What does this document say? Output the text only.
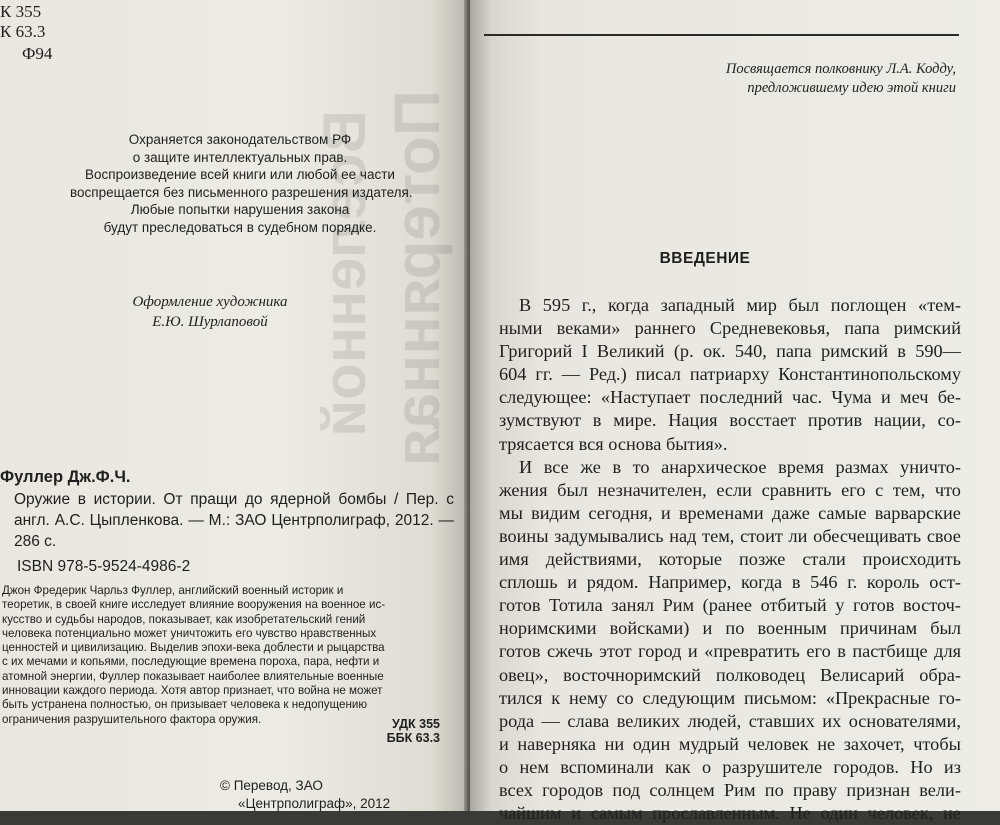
Потерянная
Вселенной
К 355
К 63.3
Ф94
Охраняется законодательством РФ
о защите интеллектуальных прав.
Воспроизведение всей книги или любой ее части
воспрещается без письменного разрешения издателя.
Любые попытки нарушения закона
будут преследоваться в судебном порядке.
Оформление художника
Е.Ю. Шурлаповой
Фуллер Дж.Ф.Ч.
Оружие в истории. От пращи до ядерной бомбы / Пер. с англ. А.С. Цыпленкова. — М.: ЗАО Центрполиграф, 2012. — 286 с.
ISBN 978-5-9524-4986-2
Джон Фредерик Чарльз Фуллер, английский военный историк и
теоретик, в своей книге исследует влияние вооружения на военное ис-
кусство и судьбы народов, показывает, как изобретательский гений
человека потенциально может уничтожить его чувство нравственных
ценностей и цивилизацию. Выделив эпохи-века доблести и рыцарства
с их мечами и копьями, последующие времена пороха, пара, нефти и
атомной энергии, Фуллер показывает наиболее влиятельные военные
инновации каждого периода. Хотя автор признает, что война не может
быть устранена полностью, он призывает человека к недопущению
ограничения разрушительного фактора оружия.	УДК 355
ББК 63.3
© Перевод, ЗАО
«Центрполиграф», 2012
Посвящается полковнику Л.А. Кодду,
предложившему идею этой книги
ВВЕДЕНИЕ
В 595 г., когда западный мир был поглощен «тем-
ными веками» раннего Средневековья, папа римский
Григорий I Великий (р. ок. 540, папа римский в 590—
604 гг. — Ред.) писал патриарху Константинопольскому
следующее: «Наступает последний час. Чума и меч бе-
зумствуют в мире. Нация восстает против нации, со-
трясается вся основа бытия».
И все же в то анархическое время размах уничто-
жения был незначителен, если сравнить его с тем, что
мы видим сегодня, и временами даже самые варварские
воины задумывались над тем, стоит ли обесчещивать свое
имя действиями, которые позже стали происходить
сплошь и рядом. Например, когда в 546 г. король ост-
готов Тотила занял Рим (ранее отбитый у готов восточ-
норимскими войсками) и по военным причинам был
готов сжечь этот город и «превратить его в пастбище для
овец», восточноримский полководец Велисарий обра-
тился к нему со следующим письмом: «Прекрасные го-
рода — слава великих людей, ставших их основателями,
и наверняка ни один мудрый человек не захочет, чтобы
о нем вспоминали как о разрушителе городов. Но из
всех городов под солнцем Рим по праву признан вели-
чайшим и самым прославленным. Не один человек, не
